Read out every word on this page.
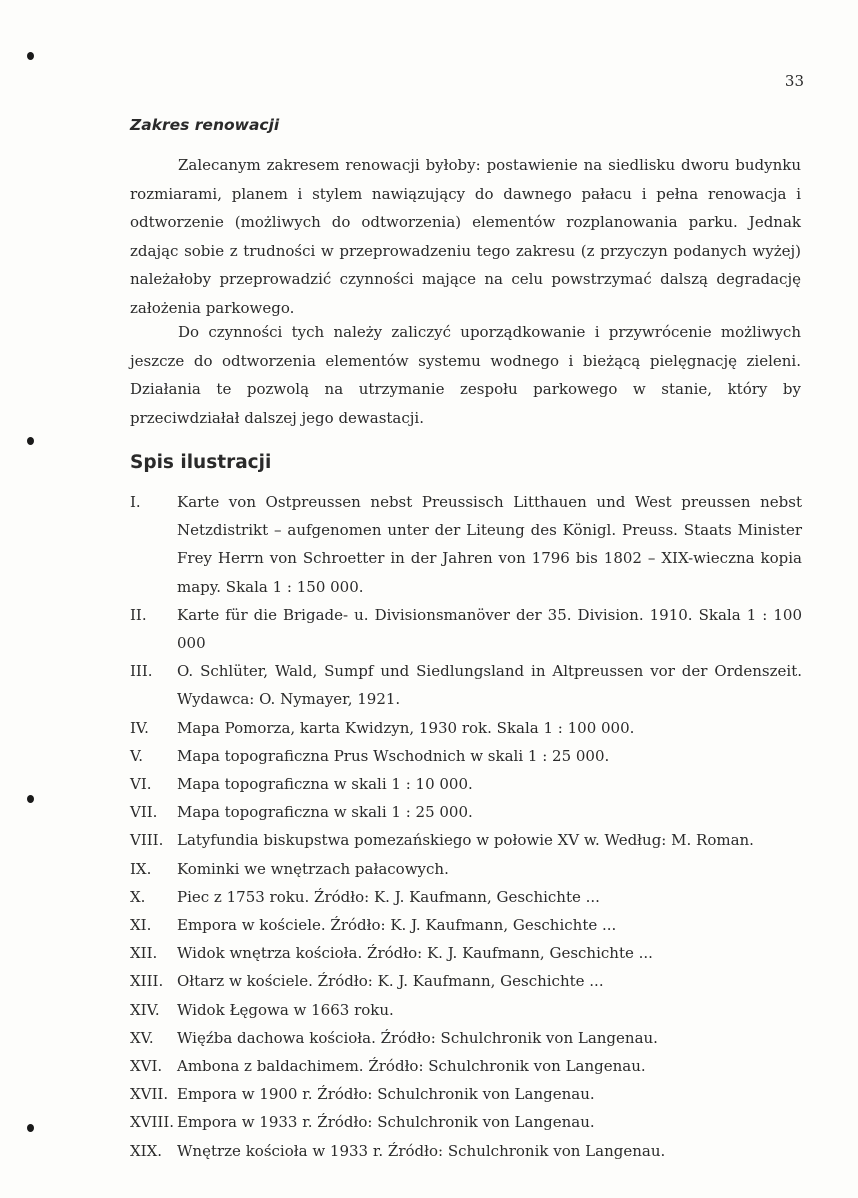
33
Zakres renowacji

Zalecanym zakresem renowacji byłoby: postawienie na siedlisku dworu budynku rozmiarami, planem i stylem nawiązujący do dawnego pałacu i pełna renowacja i odtworzenie (możliwych do odtworzenia) elementów rozplanowania parku. Jednak zdając sobie z trudności w przeprowadzeniu tego zakresu (z przyczyn podanych wyżej) należałoby przeprowadzić czynności mające na celu powstrzymać dalszą degradację założenia parkowego.

Do czynności tych należy zaliczyć uporządkowanie i przywrócenie możliwych jeszcze do odtworzenia elementów systemu wodnego i bieżącą pielęgnację zieleni. Działania te pozwolą na utrzymanie zespołu parkowego w stanie, który by przeciwdziałał dalszej jego dewastacji.

Spis ilustracji
I.	Karte von Ostpreussen nebst Preussisch Litthauen und West preussen nebst Netzdistrikt – aufgenomen unter der Liteung des Königl. Preuss. Staats Minister Frey Herrn von Schroetter in der Jahren von 1796 bis 1802 – XIX-wieczna kopia mapy. Skala 1 : 150 000.
II.	Karte für die Brigade- u. Divisionsmanöver der 35. Division. 1910. Skala 1 : 100 000
III.	O. Schlüter, Wald, Sumpf und Siedlungsland in Altpreussen vor der Ordenszeit. Wydawca: O. Nymayer, 1921.
IV.	Mapa Pomorza, karta Kwidzyn, 1930 rok. Skala 1 : 100 000.
V.	Mapa topograficzna Prus Wschodnich w skali 1 : 25 000.
VI.	Mapa topograficzna w skali 1 : 10 000.
VII.	Mapa topograficzna w skali 1 : 25 000.
VIII. Latyfundia biskupstwa pomezańskiego w połowie XV w. Według: M. Roman.
IX.	Kominki we wnętrzach pałacowych.
X.	Piec z 1753 roku. Źródło: K. J. Kaufmann, Geschichte ...
XI.	Empora w kościele. Źródło: K. J. Kaufmann, Geschichte ...
XII.	Widok wnętrza kościoła. Źródło: K. J. Kaufmann, Geschichte ...
XIII. Ołtarz w kościele. Źródło: K. J. Kaufmann, Geschichte ...
XIV.	Widok Łęgowa w 1663 roku.
XV.	Więźba dachowa kościoła. Źródło: Schulchronik von Langenau.
XVI. Ambona z baldachimem. Źródło: Schulchronik von Langenau.
XVII. Empora w 1900 r. Źródło: Schulchronik von Langenau.
XVIII. Empora w 1933 r. Źródło: Schulchronik von Langenau.
XIX. Wnętrze kościoła w 1933 r. Źródło: Schulchronik von Langenau.
